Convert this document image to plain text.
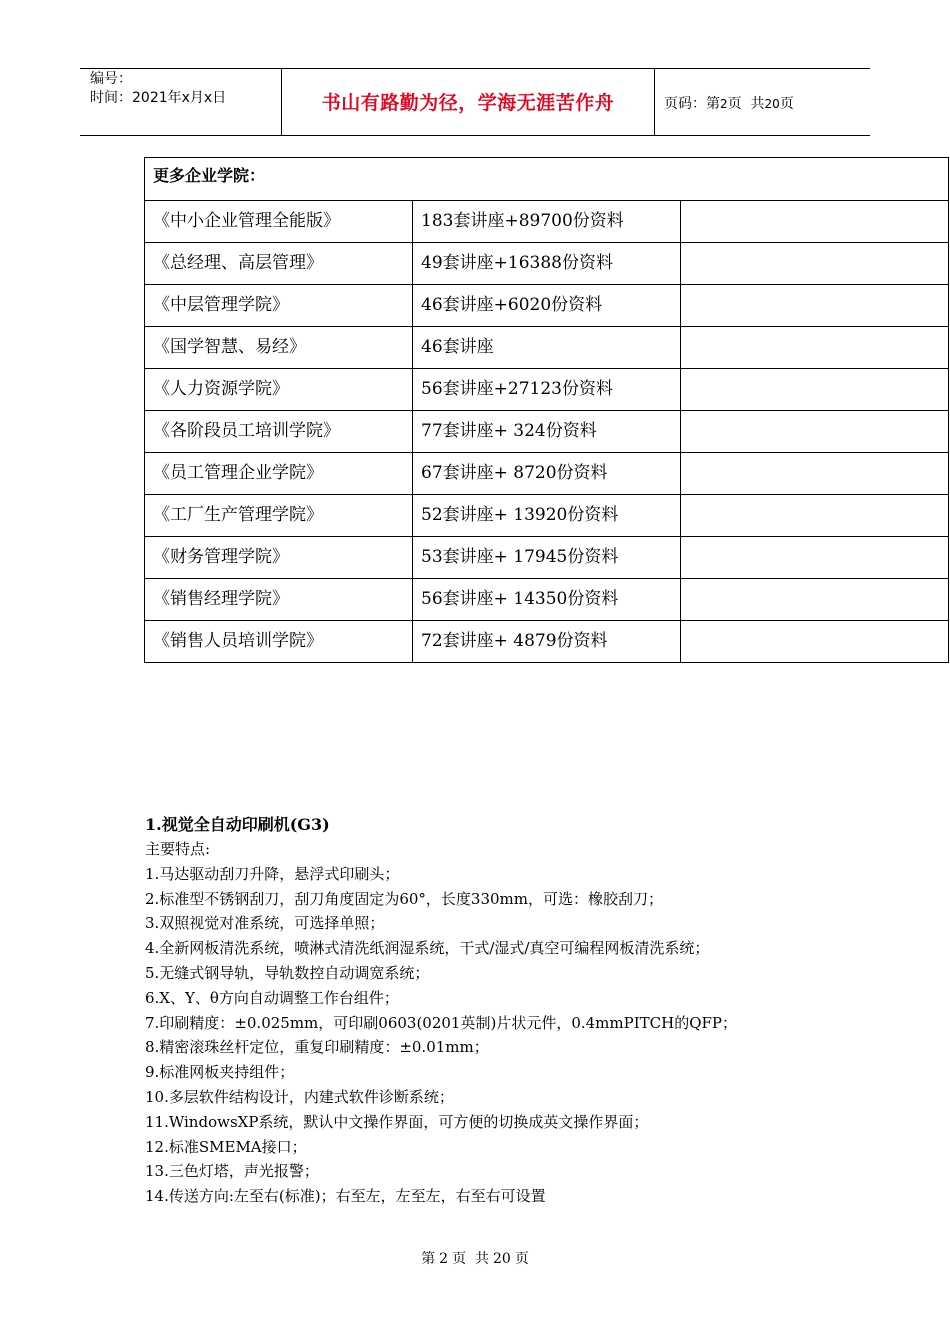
编号：
时间：2021年x月x日	书山有路勤为径，学海无涯苦作舟	页码：第2页  共20页
更多企业学院：		
《中小企业管理全能版》	183套讲座+89700份资料	
《总经理、高层管理》	49套讲座+16388份资料	
《中层管理学院》	46套讲座+6020份资料	
《国学智慧、易经》	46套讲座	
《人力资源学院》	56套讲座+27123份资料	
《各阶段员工培训学院》	77套讲座+ 324份资料	
《员工管理企业学院》	67套讲座+ 8720份资料	
《工厂生产管理学院》	52套讲座+ 13920份资料	
《财务管理学院》	53套讲座+ 17945份资料	
《销售经理学院》	56套讲座+ 14350份资料	
《销售人员培训学院》	72套讲座+ 4879份资料	
1.视觉全自动印刷机(G3)

主要特点:

1.马达驱动刮刀升降，悬浮式印刷头；

2.标准型不锈钢刮刀，刮刀角度固定为60°，长度330mm，可选：橡胶刮刀；

3.双照视觉对准系统，可选择单照；

4.全新网板清洗系统，喷淋式清洗纸润湿系统，干式/湿式/真空可编程网板清洗系统；

5.无缝式钢导轨，导轨数控自动调宽系统；

6.X、Y、θ方向自动调整工作台组件；

7.印刷精度：±0.025mm，可印刷0603(0201英制)片状元件，0.4mmPITCH的QFP；

8.精密滚珠丝杆定位，重复印刷精度：±0.01mm；

9.标准网板夹持组件；

10.多层软件结构设计，内建式软件诊断系统；

11.WindowsXP系统，默认中文操作界面，可方便的切换成英文操作界面；

12.标准SMEMA接口；

13.三色灯塔，声光报警；

14.传送方向:左至右(标准)；右至左，左至左，右至右可设置

第 2 页  共 20 页
